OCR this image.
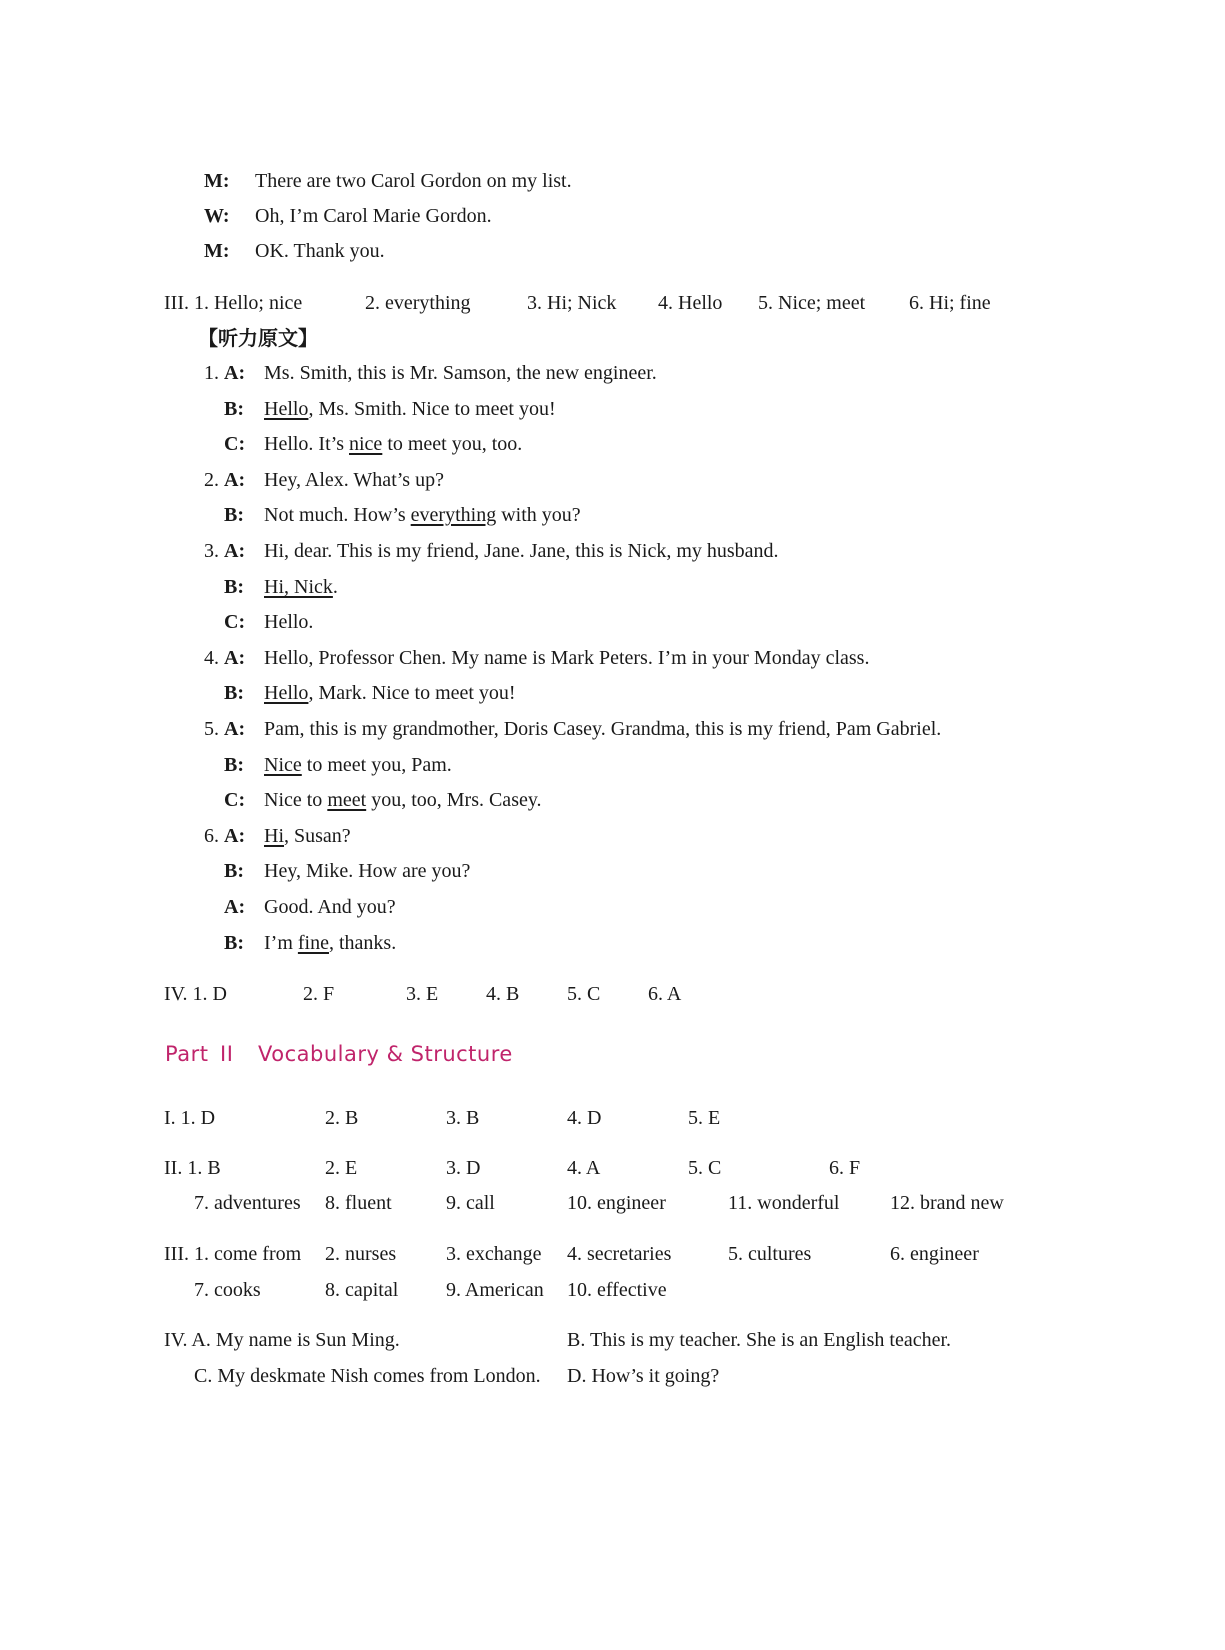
M: There are two Carol Gordon on my list.
W: Oh, I’m Carol Marie Gordon.
M: OK. Thank you.
III. 1. Hello; nice	2. everything	3. Hi; Nick 4. Hello 5. Nice; meet 6. Hi; fine
【听力原文】
1. A: Ms. Smith, this is Mr. Samson, the new engineer.
B: Hello, Ms. Smith. Nice to meet you!
C: Hello. It’s nice to meet you, too.
2. A: Hey, Alex. What’s up?
B: Not much. How’s everything with you?
3. A: Hi, dear. This is my friend, Jane. Jane, this is Nick, my husband.
B: Hi, Nick.
C: Hello.
4. A: Hello, Professor Chen. My name is Mark Peters. I’m in your Monday class.
B: Hello, Mark. Nice to meet you!
5. A: Pam, this is my grandmother, Doris Casey. Grandma, this is my friend, Pam Gabriel.
B: Nice to meet you, Pam.
C: Nice to meet you, too, Mrs. Casey.
6. A: Hi, Susan?
B: Hey, Mike. How are you?
A: Good. And you?
B: I’m fine, thanks.
IV. 1. D	2. F	3. E 4. B 5. C 6. A
Part II Vocabulary & Structure
I. 1. D	2. B	3. B	4. D	5. E
II. 1. B	2. E	3. D	4. A	5. C	6. F
7. adventures 8. fluent	9. call	10. engineer	11. wonderful	12. brand new
III. 1. come from 2. nurses 3. exchange 4. secretaries	5. cultures	6. engineer
7. cooks	8. capital 9. American 10. effective
IV. A. My name is Sun Ming.	B. This is my teacher. She is an English teacher.
C. My deskmate Nish comes from London. D. How’s it going?
